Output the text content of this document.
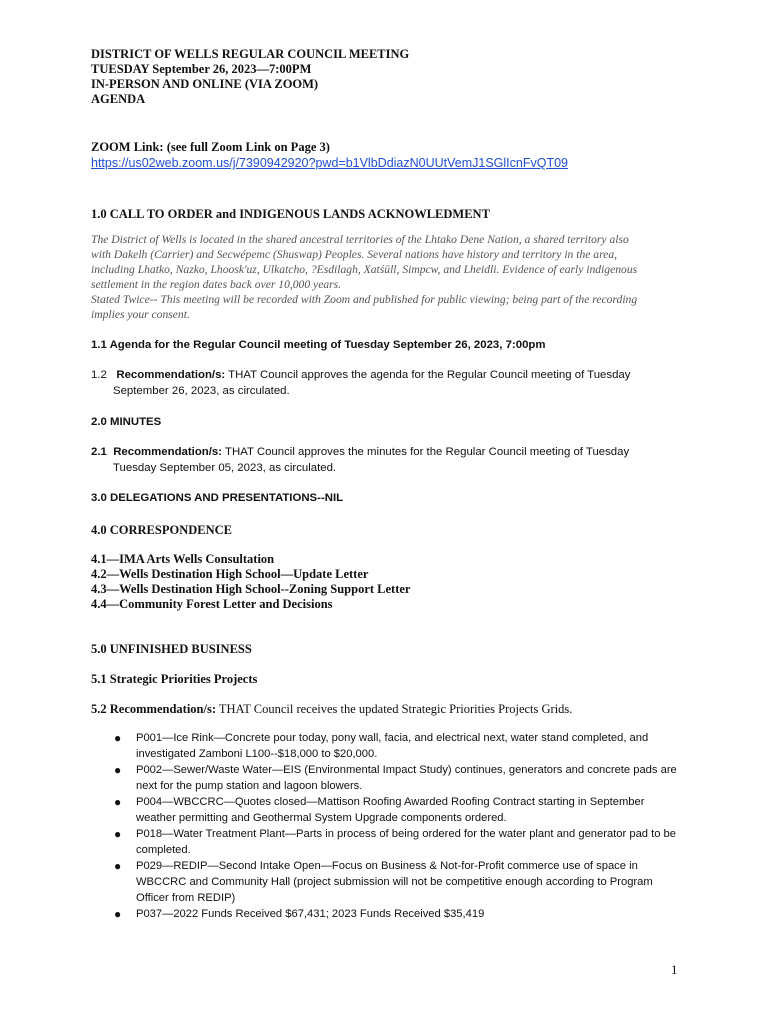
DISTRICT OF WELLS REGULAR COUNCIL MEETING
TUESDAY September 26, 2023—7:00PM
IN-PERSON AND ONLINE (VIA ZOOM)
AGENDA
ZOOM Link: (see full Zoom Link on Page 3)
https://us02web.zoom.us/j/7390942920?pwd=b1VlbDdiazN0UUtVemJ1SGlIcnFvQT09
1.0 CALL TO ORDER and INDIGENOUS LANDS ACKNOWLEDMENT
The District of Wells is located in the shared ancestral territories of the Lhtako Dene Nation, a shared territory also with Dakelh (Carrier) and Secwépemc (Shuswap) Peoples. Several nations have history and territory in the area, including Lhatko, Nazko, Lhoosk'uz, Ulkatcho, ?Esdilagh, Xatśūll, Simpcw, and Lheidli. Evidence of early indigenous settlement in the region dates back over 10,000 years.
Stated Twice-- This meeting will be recorded with Zoom and published for public viewing; being part of the recording implies your consent.
1.1 Agenda for the Regular Council meeting of Tuesday September 26, 2023, 7:00pm
1.2 Recommendation/s: THAT Council approves the agenda for the Regular Council meeting of Tuesday
September 26, 2023, as circulated.
2.0 MINUTES
2.1 Recommendation/s: THAT Council approves the minutes for the Regular Council meeting of Tuesday
Tuesday September 05, 2023, as circulated.
3.0 DELEGATIONS AND PRESENTATIONS--NIL
4.0 CORRESPONDENCE
4.1—IMA Arts Wells Consultation
4.2—Wells Destination High School—Update Letter
4.3—Wells Destination High School--Zoning Support Letter
4.4—Community Forest Letter and Decisions
5.0 UNFINISHED BUSINESS
5.1 Strategic Priorities Projects
5.2 Recommendation/s: THAT Council receives the updated Strategic Priorities Projects Grids.
● P001—Ice Rink—Concrete pour today, pony wall, facia, and electrical next, water stand completed, and investigated Zamboni L100--$18,000 to $20,000.
● P002—Sewer/Waste Water—EIS (Environmental Impact Study) continues, generators and concrete pads are next for the pump station and lagoon blowers.
● P004—WBCCRC—Quotes closed—Mattison Roofing Awarded Roofing Contract starting in September weather permitting and Geothermal System Upgrade components ordered.
● P018—Water Treatment Plant—Parts in process of being ordered for the water plant and generator pad to be completed.
● P029—REDIP—Second Intake Open—Focus on Business & Not-for-Profit commerce use of space in WBCCRC and Community Hall (project submission will not be competitive enough according to Program Officer from REDIP)
● P037—2022 Funds Received $67,431; 2023 Funds Received $35,419
1
